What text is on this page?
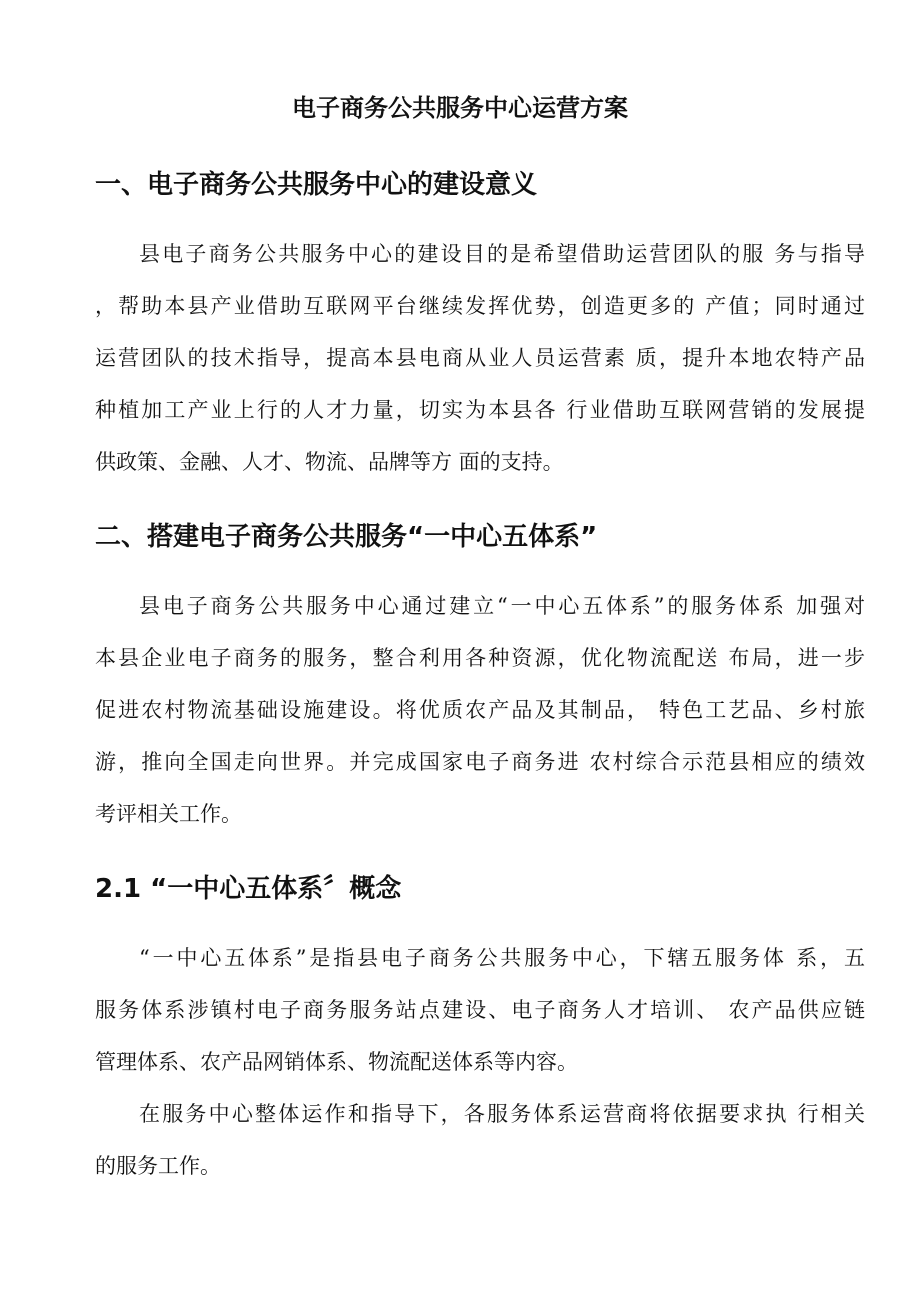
电子商务公共服务中心运营方案
一、电子商务公共服务中心的建设意义
县电子商务公共服务中心的建设目的是希望借助运营团队的服 务与指导
，帮助本县产业借助互联网平台继续发挥优势，创造更多的 产值；同时通过
运营团队的技术指导，提高本县电商从业人员运营素 质，提升本地农特产品
种植加工产业上行的人才力量，切实为本县各 行业借助互联网营销的发展提
供政策、金融、人才、物流、品牌等方 面的支持。
二、搭建电子商务公共服务“一中心五体系”
县电子商务公共服务中心通过建立“一中心五体系”的服务体系 加强对
本县企业电子商务的服务，整合利用各种资源，优化物流配送 布局，进一步
促进农村物流基础设施建设。将优质农产品及其制品， 特色工艺品、乡村旅
游，推向全国走向世界。并完成国家电子商务进 农村综合示范县相应的绩效
考评相关工作。
2.1 “一中心五体系〞概念
“一中心五体系”是指县电子商务公共服务中心，下辖五服务体 系，五
服务体系涉镇村电子商务服务站点建设、电子商务人才培训、 农产品供应链
管理体系、农产品网销体系、物流配送体系等内容。
在服务中心整体运作和指导下，各服务体系运营商将依据要求执 行相关
的服务工作。
